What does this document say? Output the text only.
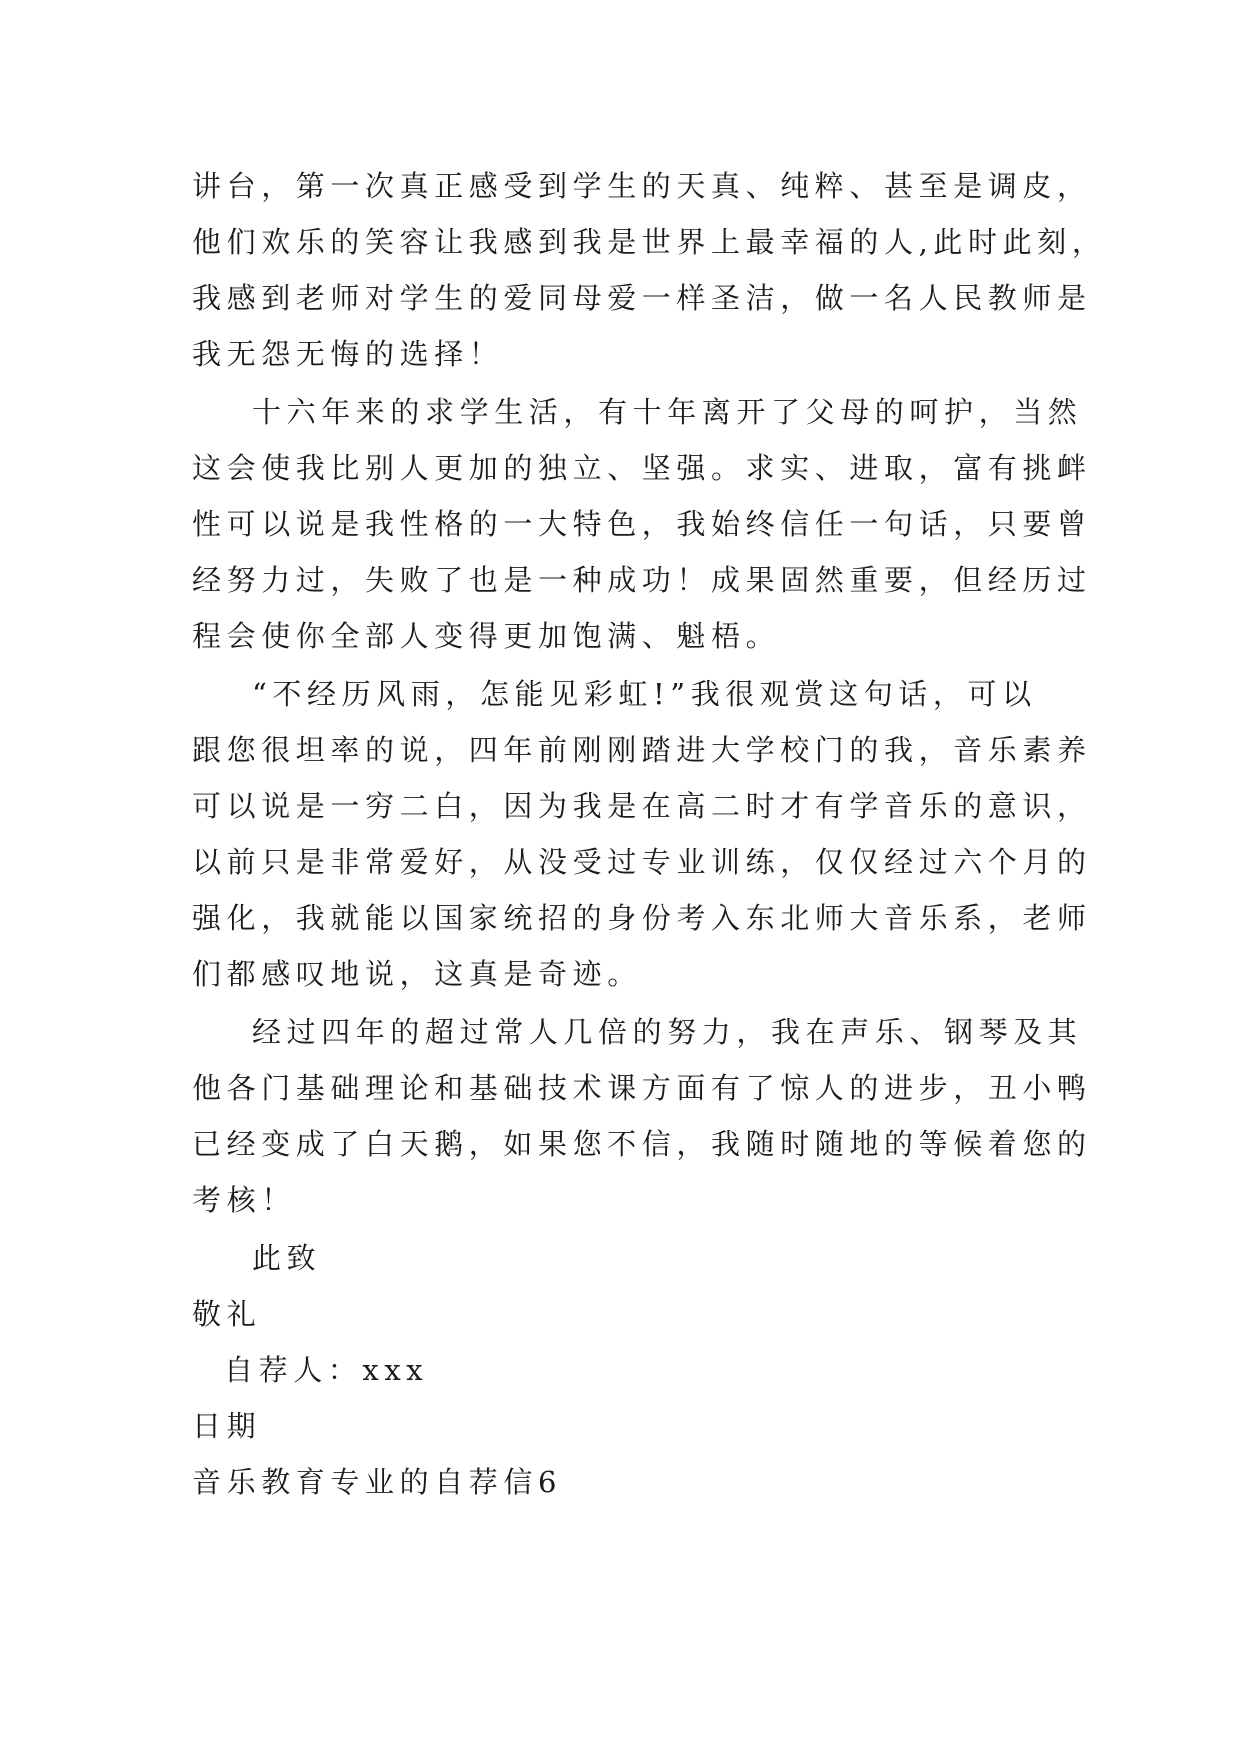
讲台，第一次真正感受到学生的天真、纯粹、甚至是调皮，
他们欢乐的笑容让我感到我是世界上最幸福的人,此时此刻，
我感到老师对学生的爱同母爱一样圣洁，做一名人民教师是
我无怨无悔的选择！
十六年来的求学生活，有十年离开了父母的呵护，当然
这会使我比别人更加的独立、坚强。求实、进取，富有挑衅
性可以说是我性格的一大特色，我始终信任一句话，只要曾
经努力过，失败了也是一种成功！成果固然重要，但经历过
程会使你全部人变得更加饱满、魁梧。
“不经历风雨，怎能见彩虹!”我很观赏这句话，可以
跟您很坦率的说，四年前刚刚踏进大学校门的我，音乐素养
可以说是一穷二白，因为我是在高二时才有学音乐的意识，
以前只是非常爱好，从没受过专业训练，仅仅经过六个月的
强化，我就能以国家统招的身份考入东北师大音乐系，老师
们都感叹地说，这真是奇迹。
经过四年的超过常人几倍的努力，我在声乐、钢琴及其
他各门基础理论和基础技术课方面有了惊人的进步，丑小鸭
已经变成了白天鹅，如果您不信，我随时随地的等候着您的
考核！
此致
敬礼
自荐人：xxx
日期
音乐教育专业的自荐信6
